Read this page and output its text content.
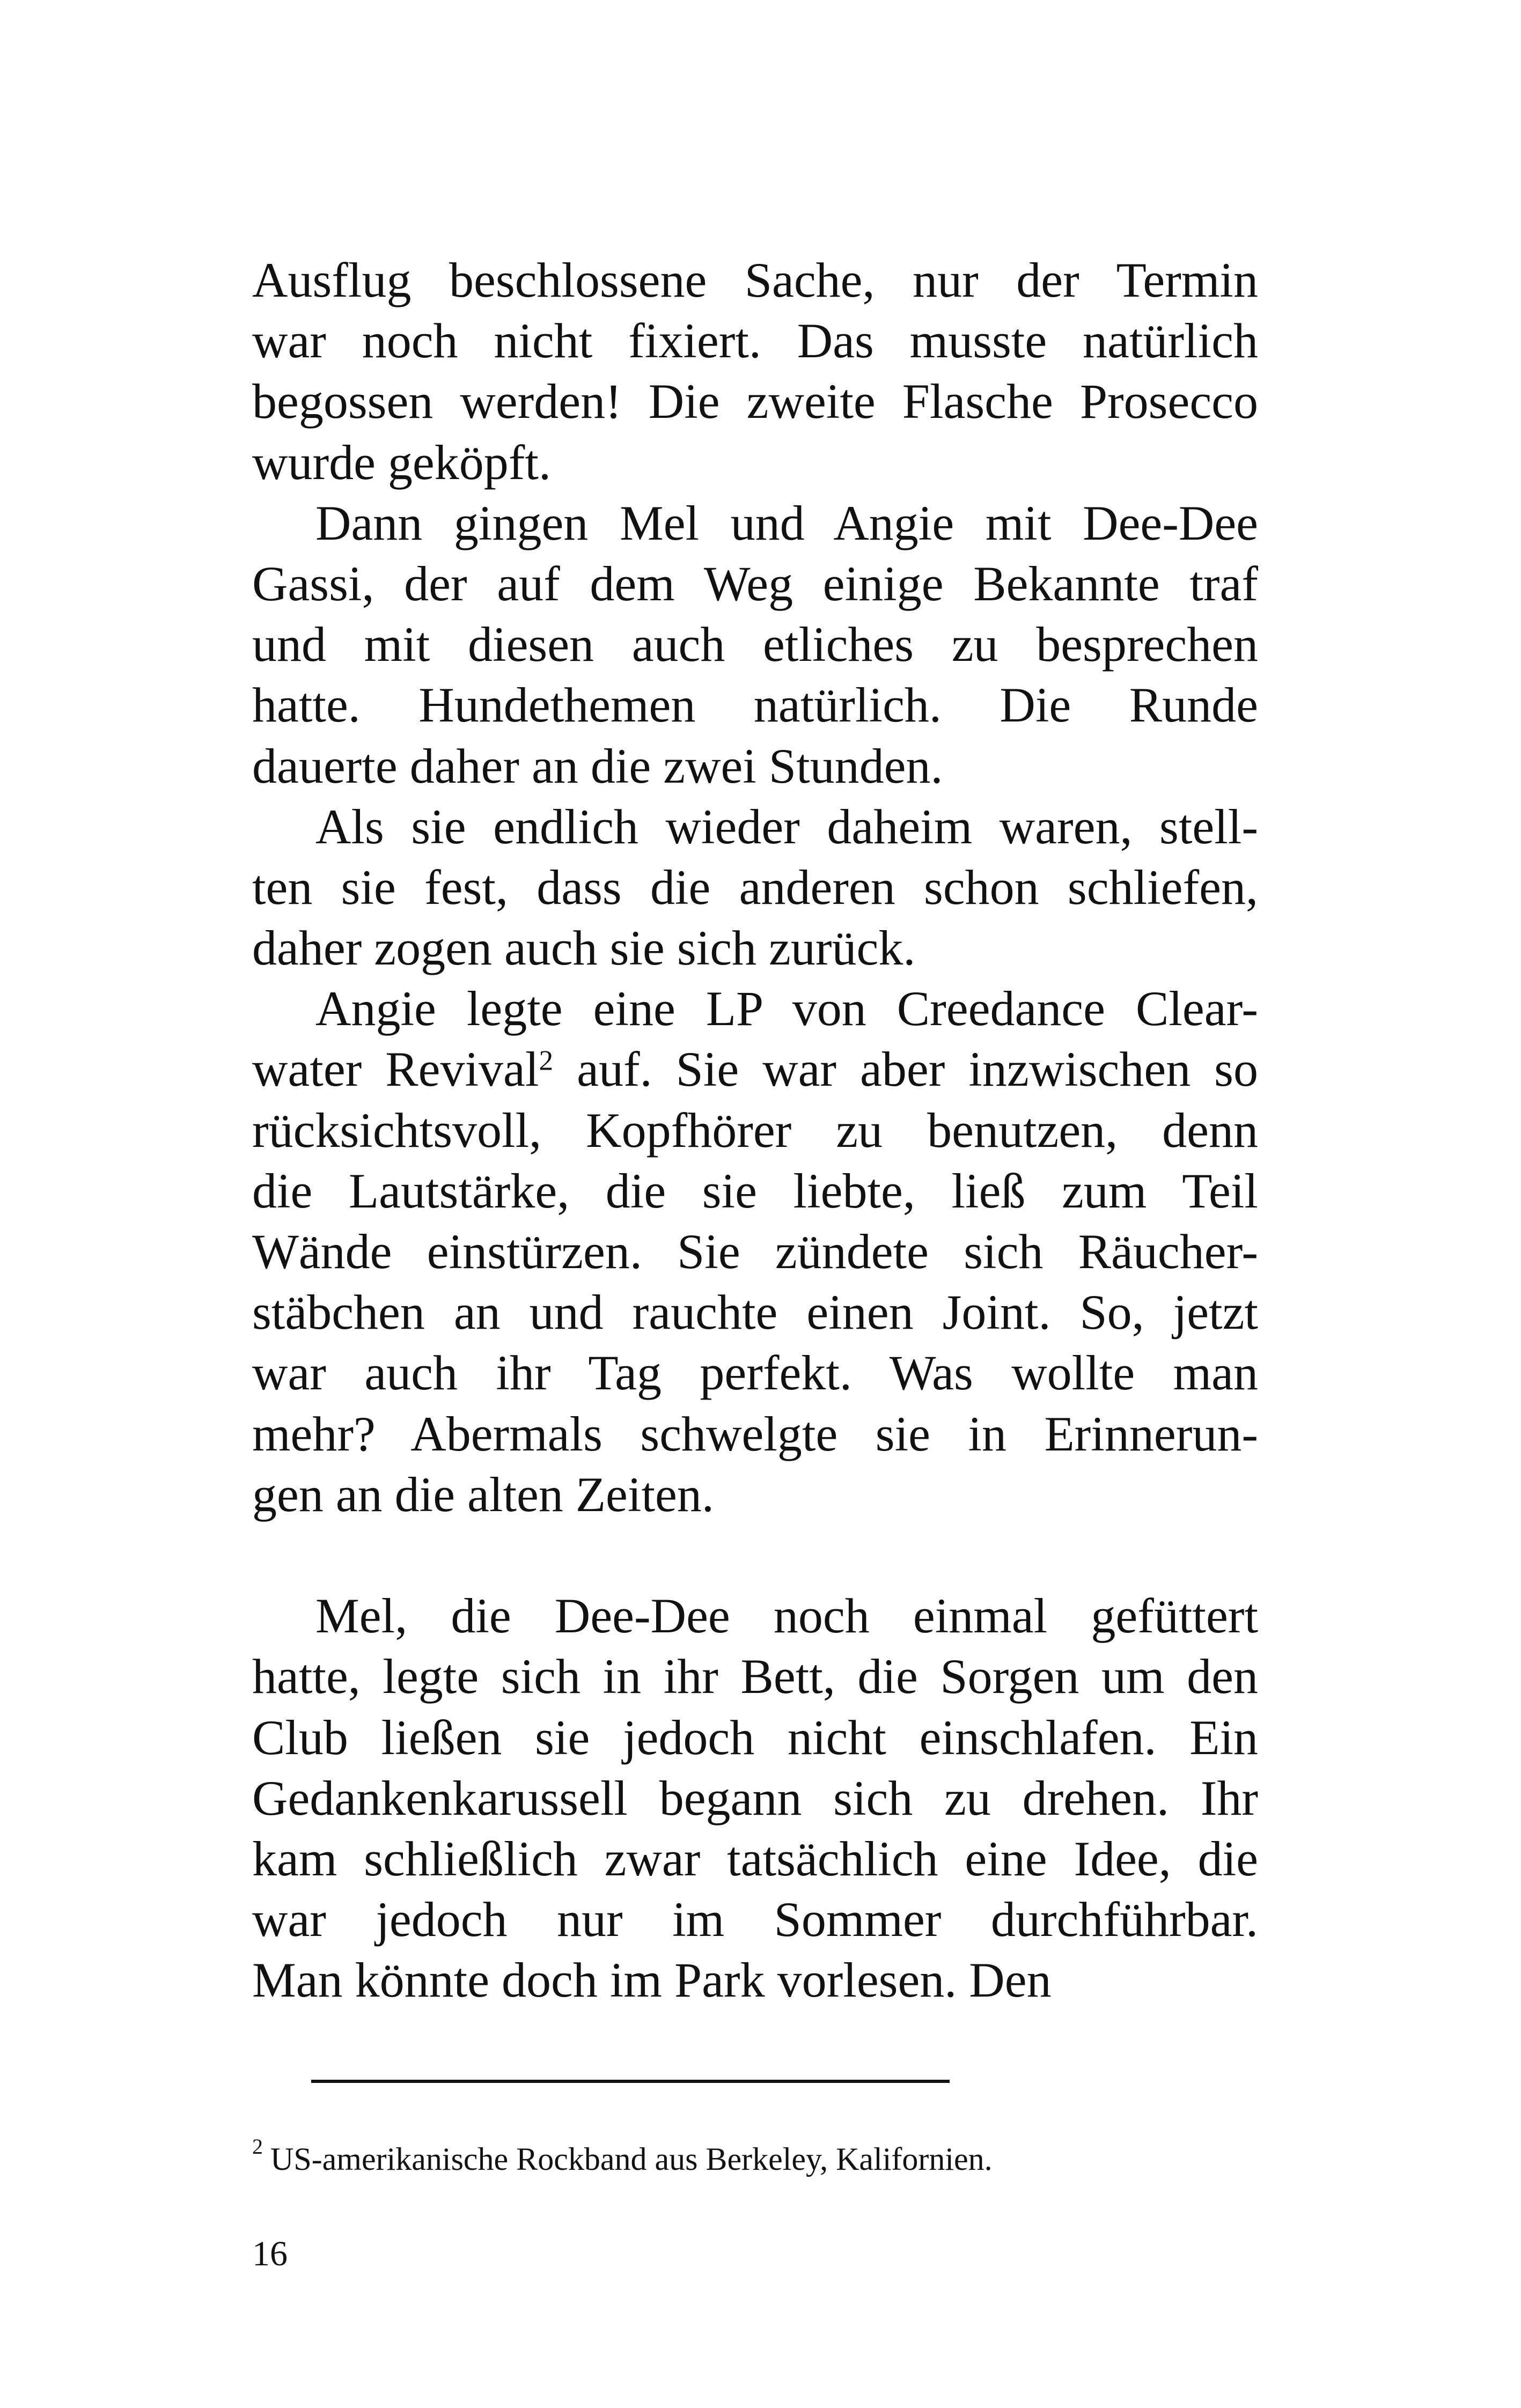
Ausflug beschlossene Sache, nur der Termin
war noch nicht fixiert. Das musste natürlich
begossen werden! Die zweite Flasche Prosecco
wurde geköpft.
Dann gingen Mel und Angie mit Dee-Dee
Gassi, der auf dem Weg einige Bekannte traf
und mit diesen auch etliches zu besprechen
hatte. Hundethemen natürlich. Die Runde
dauerte daher an die zwei Stunden.
Als sie endlich wieder daheim waren, stell-
ten sie fest, dass die anderen schon schliefen,
daher zogen auch sie sich zurück.
Angie legte eine LP von Creedance Clear-
water Revival$^2$ auf. Sie war aber inzwischen so
rücksichtsvoll, Kopfhörer zu benutzen, denn
die Lautstärke, die sie liebte, ließ zum Teil
Wände einstürzen. Sie zündete sich Räucher-
stäbchen an und rauchte einen Joint. So, jetzt
war auch ihr Tag perfekt. Was wollte man
mehr? Abermals schwelgte sie in Erinnerun-
gen an die alten Zeiten.
Mel, die Dee-Dee noch einmal gefüttert
hatte, legte sich in ihr Bett, die Sorgen um den
Club ließen sie jedoch nicht einschlafen. Ein
Gedankenkarussell begann sich zu drehen. Ihr
kam schließlich zwar tatsächlich eine Idee, die
war jedoch nur im Sommer durchführbar.
Man könnte doch im Park vorlesen. Den
$^2$ US-amerikanische Rockband aus Berkeley, Kalifornien.
16
